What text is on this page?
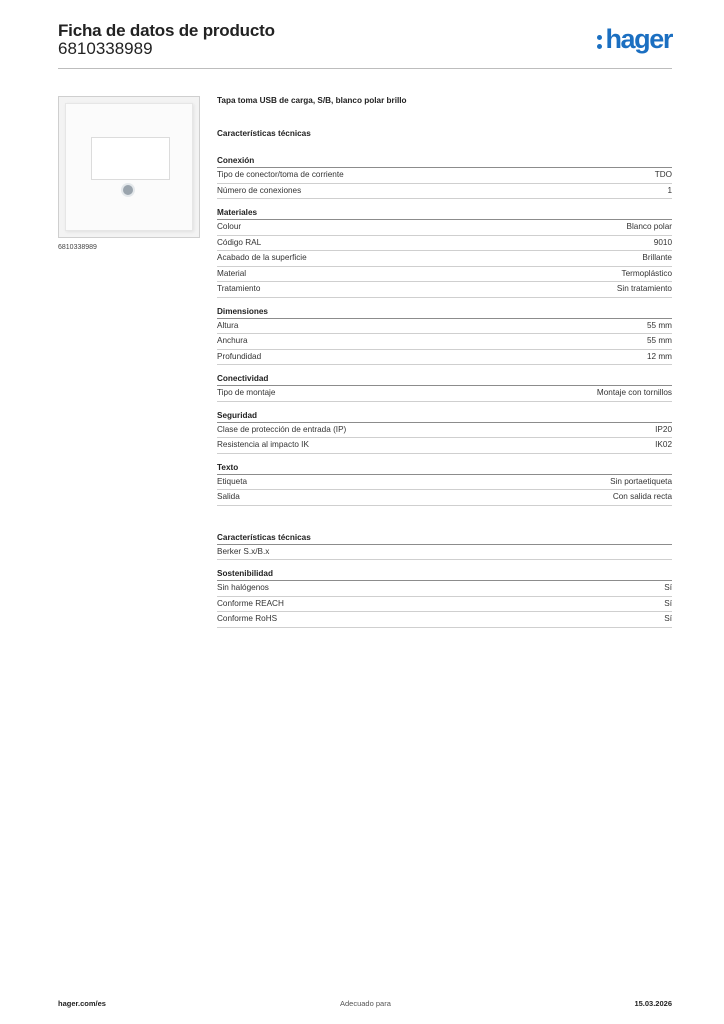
Ficha de datos de producto
6810338989	hager
6810338989
Tapa toma USB de carga, S/B, blanco polar brillo
Características técnicas
Conexión
Tipo de conector/toma de corriente	TDO
Número de conexiones	1
Materiales
Colour	Blanco polar
Código RAL	9010
Acabado de la superficie	Brillante
Material	Termoplástico
Tratamiento	Sin tratamiento
Dimensiones
Altura	55 mm
Anchura	55 mm
Profundidad	12 mm
Conectividad
Tipo de montaje	Montaje con tornillos
Seguridad
Clase de protección de entrada (IP)	IP20
Resistencia al impacto IK	IK02
Texto
Etiqueta	Sin portaetiqueta
Salida	Con salida recta
Características técnicas
Berker S.x/B.x
Sostenibilidad
Sin halógenos	Sí
Conforme REACH	Sí
Conforme RoHS	Sí
hager.com/es	Adecuado para	15.03.2026
